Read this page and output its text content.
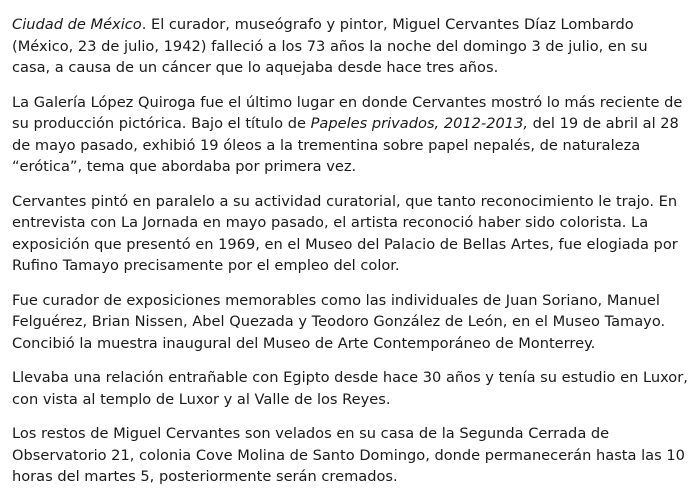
Ciudad de México. El curador, museógrafo y pintor, Miguel Cervantes Díaz Lombardo (México, 23 de julio, 1942) falleció a los 73 años la noche del domingo 3 de julio, en su casa, a causa de un cáncer que lo aquejaba desde hace tres años.

La Galería López Quiroga fue el último lugar en donde Cervantes mostró lo más reciente de su producción pictórica. Bajo el título de Papeles privados, 2012-2013, del 19 de abril al 28 de mayo pasado, exhibió 19 óleos a la trementina sobre papel nepalés, de naturaleza “erótica”, tema que abordaba por primera vez.

Cervantes pintó en paralelo a su actividad curatorial, que tanto reconocimiento le trajo. En entrevista con La Jornada en mayo pasado, el artista reconoció haber sido colorista. La exposición que presentó en 1969, en el Museo del Palacio de Bellas Artes, fue elogiada por Rufino Tamayo precisamente por el empleo del color.

Fue curador de exposiciones memorables como las individuales de Juan Soriano, Manuel Felguérez, Brian Nissen, Abel Quezada y Teodoro González de León, en el Museo Tamayo. Concibió la muestra inaugural del Museo de Arte Contemporáneo de Monterrey.

Llevaba una relación entrañable con Egipto desde hace 30 años y tenía su estudio en Luxor, con vista al templo de Luxor y al Valle de los Reyes.

Los restos de Miguel Cervantes son velados en su casa de la Segunda Cerrada de Observatorio 21, colonia Cove Molina de Santo Domingo, donde permanecerán hasta las 10 horas del martes 5, posteriormente serán cremados.
